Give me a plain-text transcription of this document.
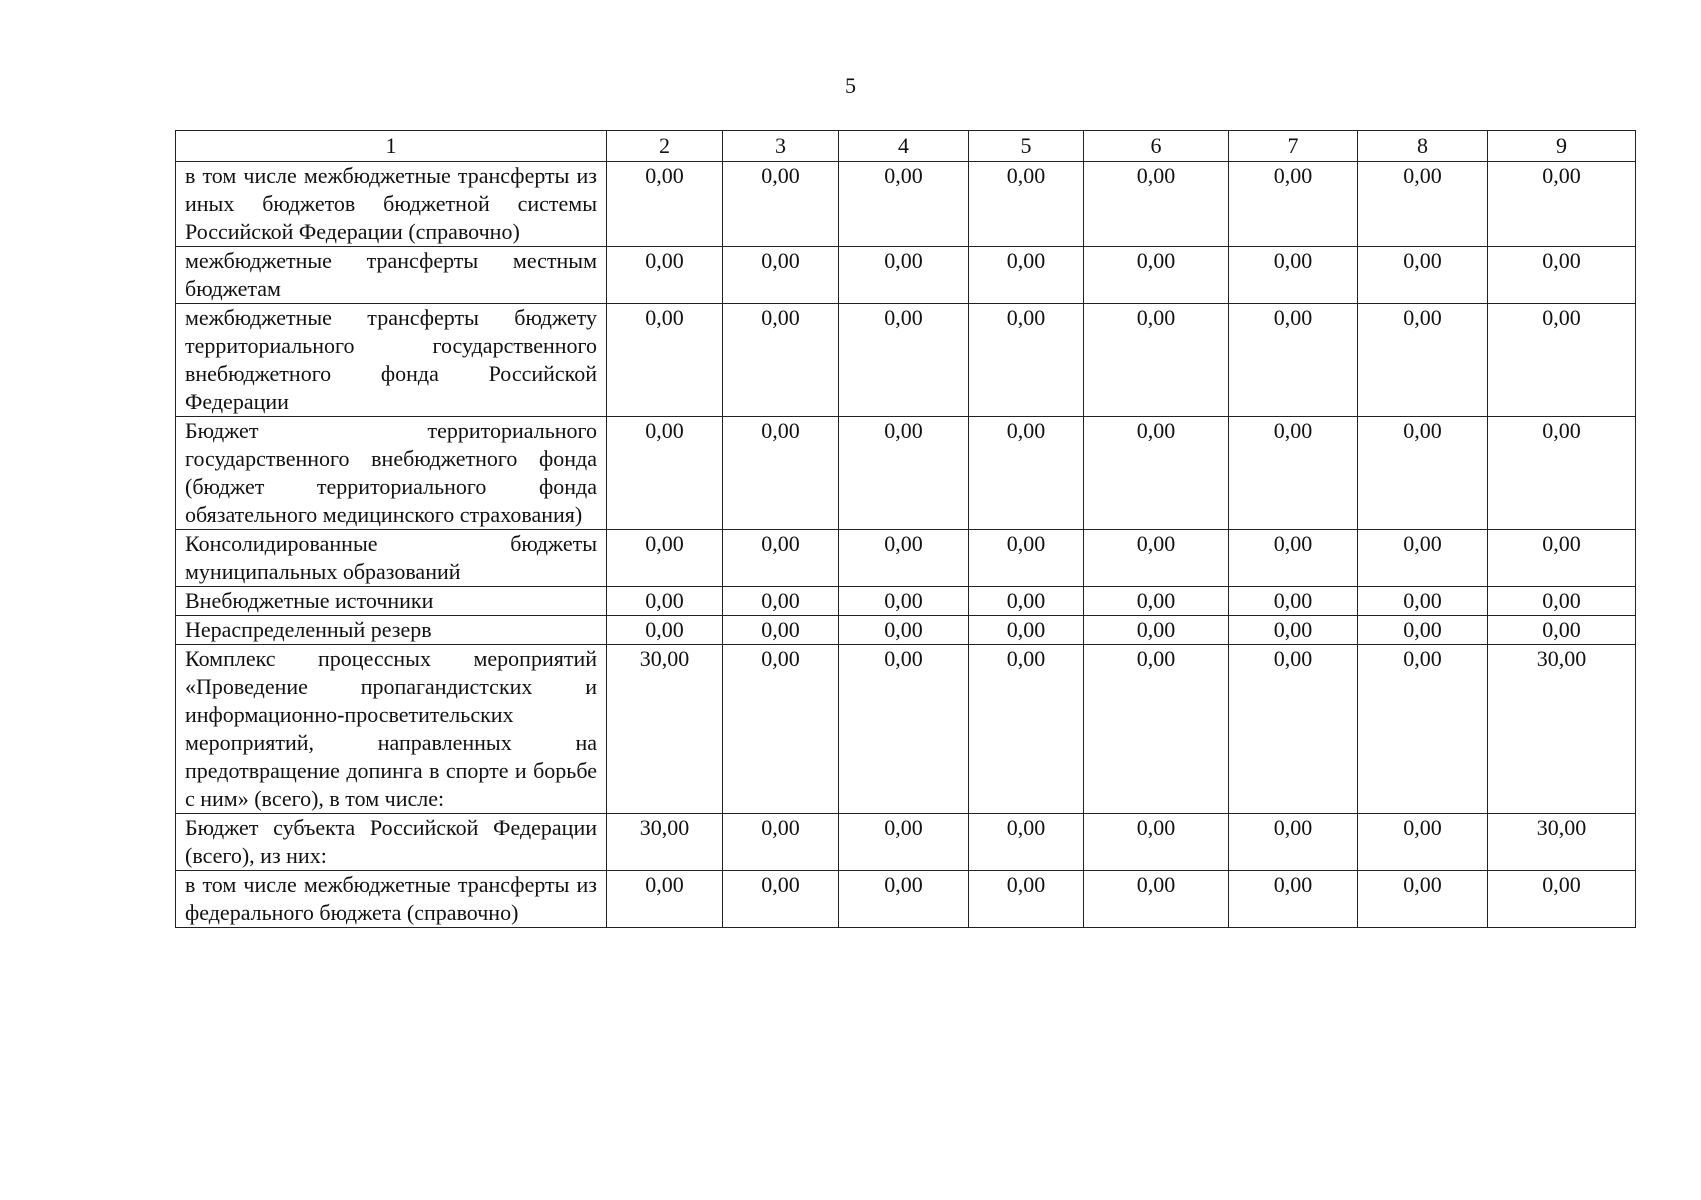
5
1	2	3	4	5	6	7	8	9
в том числе межбюджетные трансферты из иных бюджетов бюджетной системы Российской Федерации (справочно)	0,00	0,00	0,00	0,00	0,00	0,00	0,00	0,00
межбюджетные трансферты местным бюджетам	0,00	0,00	0,00	0,00	0,00	0,00	0,00	0,00
межбюджетные трансферты бюджету территориального государственного внебюджетного фонда Российской Федерации	0,00	0,00	0,00	0,00	0,00	0,00	0,00	0,00
Бюджет территориального государственного внебюджетного фонда (бюджет территориального фонда обязательного медицинского страхования)	0,00	0,00	0,00	0,00	0,00	0,00	0,00	0,00
Консолидированные бюджеты муниципальных образований	0,00	0,00	0,00	0,00	0,00	0,00	0,00	0,00
Внебюджетные источники	0,00	0,00	0,00	0,00	0,00	0,00	0,00	0,00
Нераспределенный резерв	0,00	0,00	0,00	0,00	0,00	0,00	0,00	0,00
Комплекс процессных мероприятий «Проведение пропагандистских и информационно-просветительских мероприятий, направленных на предотвращение допинга в спорте и борьбе с ним» (всего), в том числе:	30,00	0,00	0,00	0,00	0,00	0,00	0,00	30,00
Бюджет субъекта Российской Федерации (всего), из них:	30,00	0,00	0,00	0,00	0,00	0,00	0,00	30,00
в том числе межбюджетные трансферты из федерального бюджета (справочно)	0,00	0,00	0,00	0,00	0,00	0,00	0,00	0,00
